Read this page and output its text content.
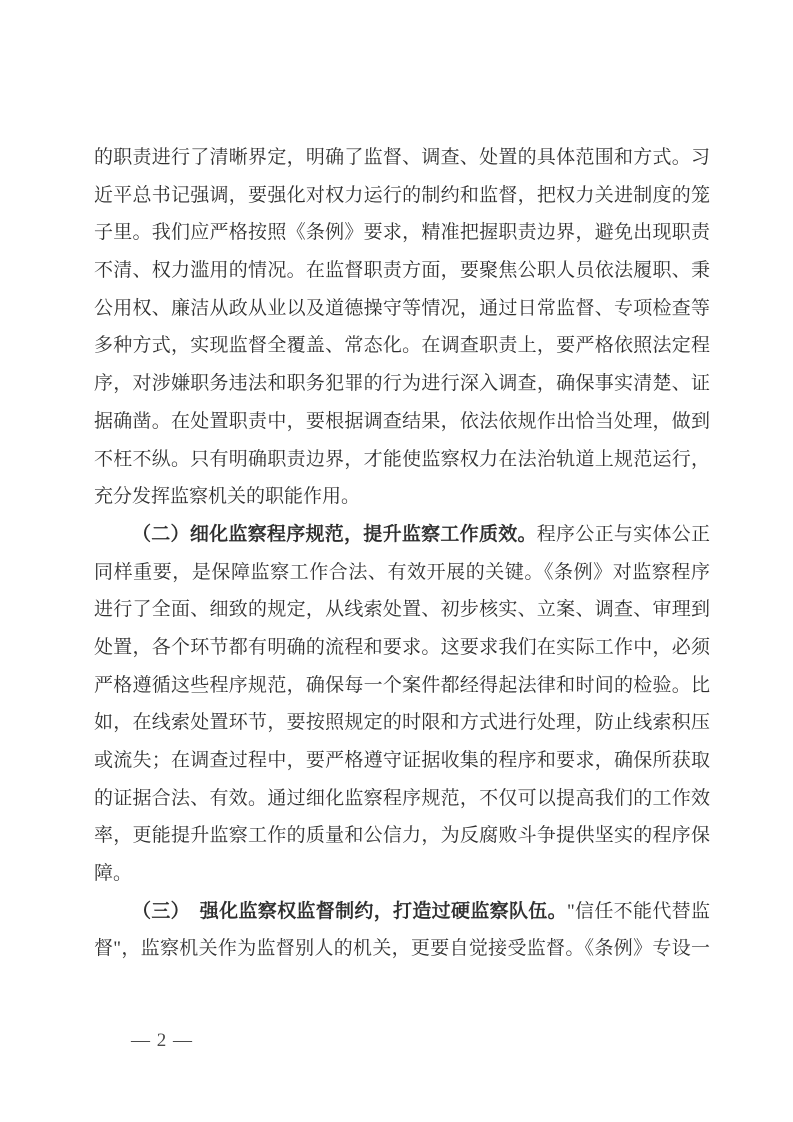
的职责进行了清晰界定，明确了监督、调查、处置的具体范围和方式。习
近平总书记强调，要强化对权力运行的制约和监督，把权力关进制度的笼
子里。我们应严格按照《条例》要求，精准把握职责边界，避免出现职责
不清、权力滥用的情况。在监督职责方面，要聚焦公职人员依法履职、秉
公用权、廉洁从政从业以及道德操守等情况，通过日常监督、专项检查等
多种方式，实现监督全覆盖、常态化。在调查职责上，要严格依照法定程
序，对涉嫌职务违法和职务犯罪的行为进行深入调查，确保事实清楚、证
据确凿。在处置职责中，要根据调查结果，依法依规作出恰当处理，做到
不枉不纵。只有明确职责边界，才能使监察权力在法治轨道上规范运行，
充分发挥监察机关的职能作用。
（二）细化监察程序规范，提升监察工作质效。程序公正与实体公正
同样重要，是保障监察工作合法、有效开展的关键。《条例》对监察程序
进行了全面、细致的规定，从线索处置、初步核实、立案、调查、审理到
处置，各个环节都有明确的流程和要求。这要求我们在实际工作中，必须
严格遵循这些程序规范，确保每一个案件都经得起法律和时间的检验。比
如，在线索处置环节，要按照规定的时限和方式进行处理，防止线索积压
或流失；在调查过程中，要严格遵守证据收集的程序和要求，确保所获取
的证据合法、有效。通过细化监察程序规范，不仅可以提高我们的工作效
率，更能提升监察工作的质量和公信力，为反腐败斗争提供坚实的程序保
障。
（三）　强化监察权监督制约，打造过硬监察队伍。"信任不能代替监
督"，监察机关作为监督别人的机关，更要自觉接受监督。《条例》专设一
— 2 —
